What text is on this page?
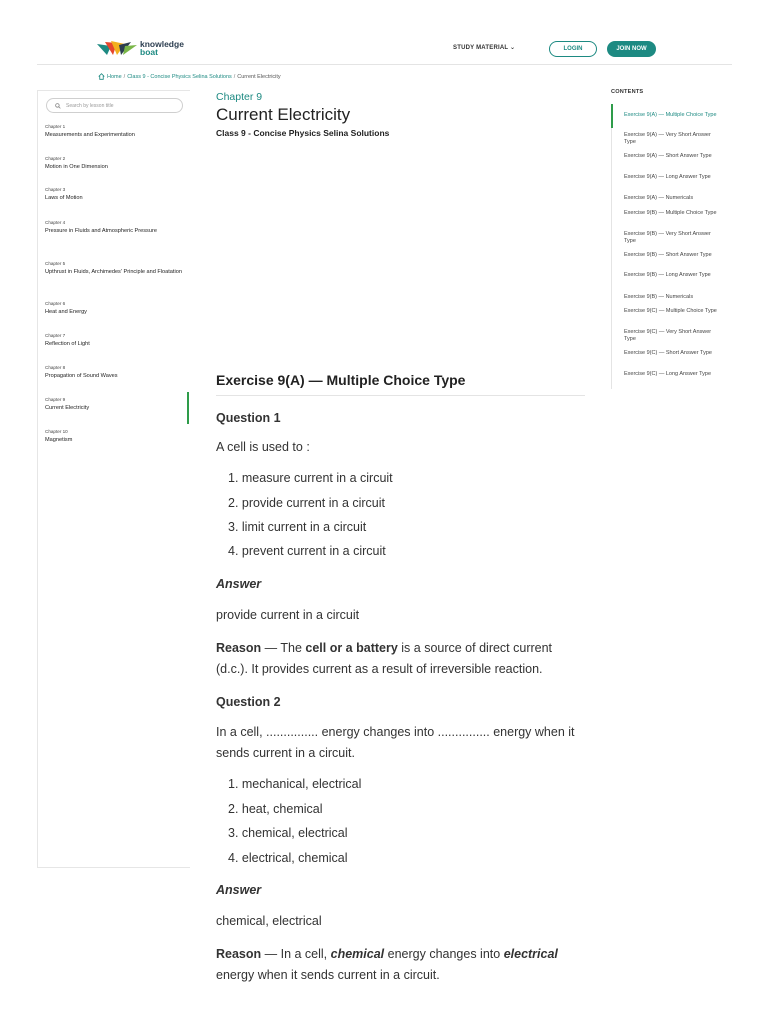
knowledge
boat	STUDY MATERIAL ⌄	LOGIN	JOIN NOW
Home / Class 9 - Concise Physics Selina Solutions / Current Electricity
Search by lesson title
Chapter 1
Measurements and Experimentation
Chapter 2
Motion in One Dimension
Chapter 3
Laws of Motion
Chapter 4
Pressure in Fluids and Atmospheric Pressure
Chapter 5
Upthrust in Fluids, Archimedes' Principle and Floatation
Chapter 6
Heat and Energy
Chapter 7
Reflection of Light
Chapter 8
Propagation of Sound Waves
Chapter 9
Current Electricity
Chapter 10
Magnetism
Chapter 9
Current Electricity
Class 9 - Concise Physics Selina Solutions
Exercise 9(A) — Multiple Choice Type
Question 1
A cell is used to :
1. measure current in a circuit
2. provide current in a circuit
3. limit current in a circuit
4. prevent current in a circuit
Answer
provide current in a circuit
Reason — The cell or a battery is a source of direct current (d.c.). It provides current as a result of irreversible reaction.
Question 2
In a cell, ............... energy changes into ............... energy when it sends current in a circuit.
1. mechanical, electrical
2. heat, chemical
3. chemical, electrical
4. electrical, chemical
Answer
chemical, electrical
Reason — In a cell, chemical energy changes into electrical energy when it sends current in a circuit.
CONTENTS
Exercise 9(A) — Multiple Choice Type
Exercise 9(A) — Very Short Answer Type
Exercise 9(A) — Short Answer Type
Exercise 9(A) — Long Answer Type
Exercise 9(A) — Numericals
Exercise 9(B) — Multiple Choice Type
Exercise 9(B) — Very Short Answer Type
Exercise 9(B) — Short Answer Type
Exercise 9(B) — Long Answer Type
Exercise 9(B) — Numericals
Exercise 9(C) — Multiple Choice Type
Exercise 9(C) — Very Short Answer Type
Exercise 9(C) — Short Answer Type
Exercise 9(C) — Long Answer Type
